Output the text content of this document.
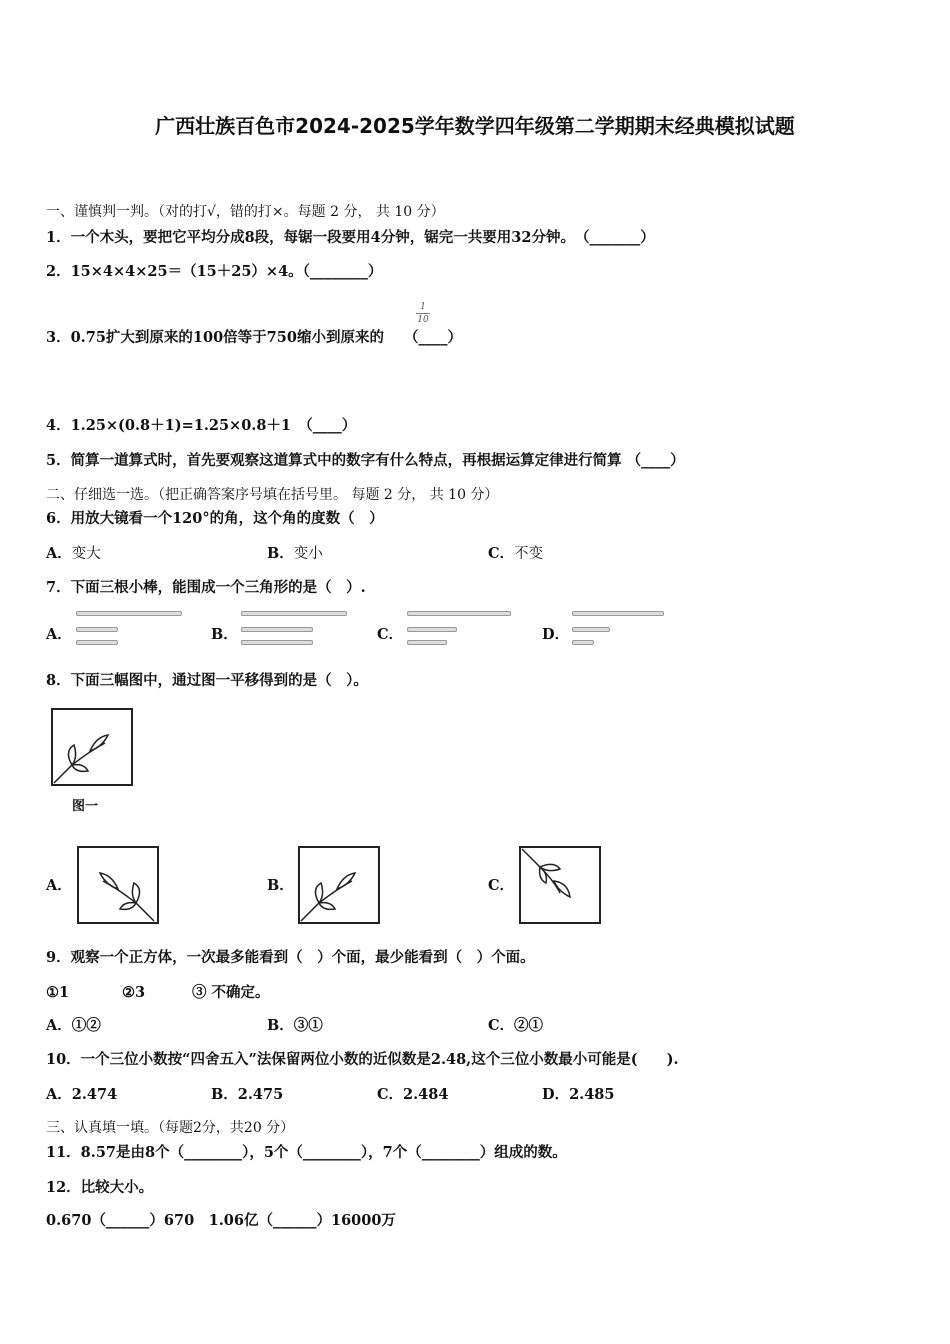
广西壮族百色市2024-2025学年数学四年级第二学期期末经典模拟试题
一、谨慎判一判。（对的打√，错的打×。每题 2 分， 共 10 分）
1．一个木头，要把它平均分成8段，每锯一段要用4分钟，锯完一共要用32分钟。　（_______）
2．15×4×4×25＝（15＋25）×4。（________）
3．0.75扩大到原来的100倍等于750缩小到原来的 （____）
1
10
4．1.25×(0.8＋1)=1.25×0.8＋1　（____）
5．简算一道算式时，首先要观察这道算式中的数字有什么特点，再根据运算定律进行简算 （____）
二、仔细选一选。（把正确答案序号填在括号里。 每题 2 分， 共 10 分）
6．用放大镜看一个120°的角，这个角的度数（　）
A．变大	B．变小	C．不变
7．下面三根小棒，能围成一个三角形的是（　）.
A．	B．	C．	D．
8．下面三幅图中，通过图一平移得到的是（　）。
图一
A．	B．	C．
9．观察一个正方体，一次最多能看到（　）个面，最少能看到（　）个面。
①1	②3	③ 不确定。
A．①②	B．③①	C．②①
10．一个三位小数按“四舍五入”法保留两位小数的近似数是2.48,这个三位小数最小可能是(　　).
A．2.474	B．2.475	C．2.484	D．2.485
三、认真填一填。（每题2分，共20 分）
11．8.57是由8个（________），5个（________），7个（________）组成的数。
12．比较大小。
0.670（______）670　1.06亿（______）16000万
